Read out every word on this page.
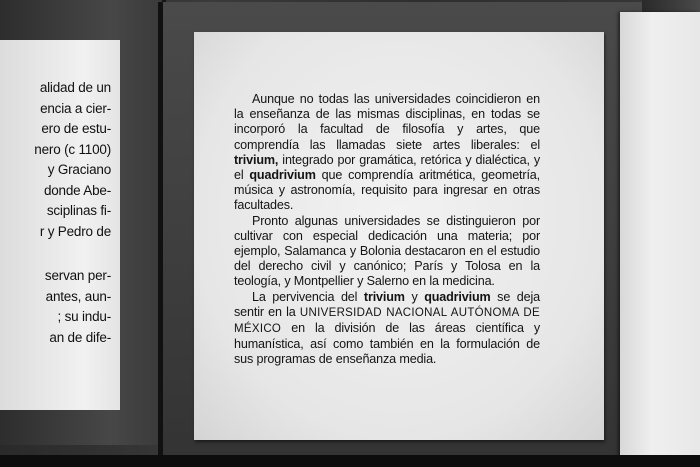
alidad de un
encia a cier-
ero de estu-
nero (c 1100)
y Graciano
donde Abe-
sciplinas fi-
r y Pedro de
servan per-
antes, aun-
; su indu-
an de dife-

Aunque no todas las universidades coincidieron en la enseñanza de las mismas disciplinas, en todas se incorporó la facultad de filosofía y artes, que comprendía las llamadas siete artes liberales: el trivium, integrado por gramática, retórica y dialéctica, y el quadrivium que comprendía aritmética, geometría, música y astronomía, requisito para ingresar en otras facultades.

Pronto algunas universidades se distinguieron por cultivar con especial dedicación una materia; por ejemplo, Salamanca y Bolonia destacaron en el estudio del derecho civil y canónico; París y Tolosa en la teología, y Montpellier y Salerno en la medicina.

La pervivencia del trivium y quadrivium se deja sentir en la UNIVERSIDAD NACIONAL AUTÓNOMA DE MÉXICO en la división de las áreas científica y humanística, así como también en la formulación de sus programas de enseñanza media.
